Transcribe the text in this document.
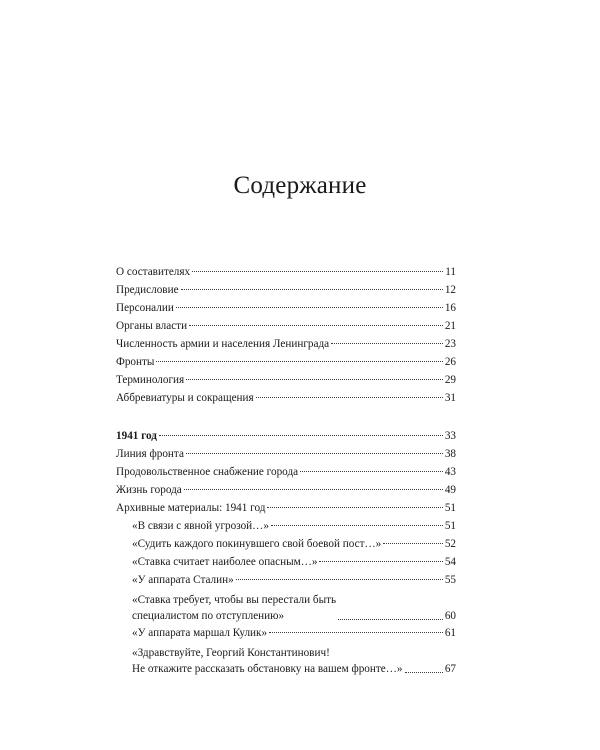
Содержание
О составителях	11
Предисловие	12
Персоналии	16
Органы власти	21
Численность армии и населения Ленинграда	23
Фронты	26
Терминология	29
Аббревиатуры и сокращения	31
1941 год	33
Линия фронта	38
Продовольственное снабжение города	43
Жизнь города	49
Архивные материалы: 1941 год	51
«В связи с явной угрозой…»	51
«Судить каждого покинувшего свой боевой пост…»	52
«Ставка считает наиболее опасным…»	54
«У аппарата Сталин»	55
«Ставка требует, чтобы вы перестали быть
специалистом по отступлению»	60
«У аппарата маршал Кулик»	61
«Здравствуйте, Георгий Константинович!
Не откажите рассказать обстановку на вашем фронте…»	67
